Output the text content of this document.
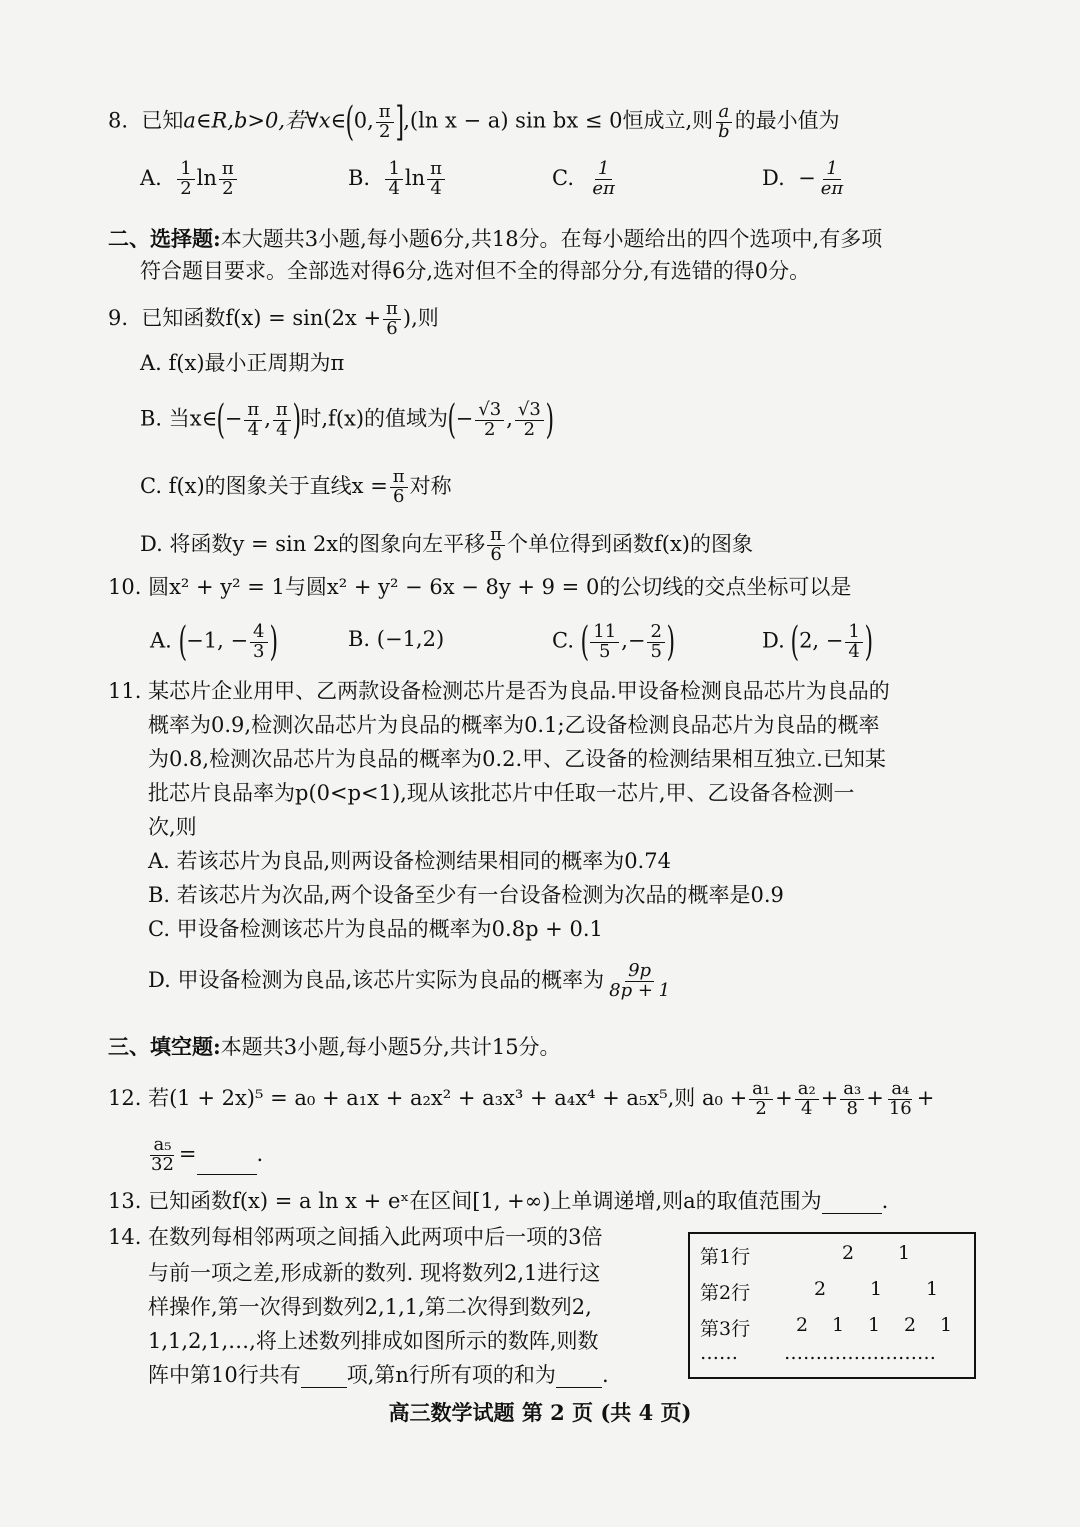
8. 已知a∈R,b>0,若∀x∈(0, $\frac{\pi}{2} ],(\ln$ x − a) sin bx ≤ 0恒成立,则 $\frac{a}{b}$ 的最小值为
A. $\frac{1}{2}$ $\ln \frac{\pi}{2}$	B. $\frac{1}{4}$ $\ln \frac{\pi}{4}$	C. $\frac{1}{e\pi}$	D. − $\frac{1}{e\pi}$
二、选择题:本大题共3小题,每小题6分,共18分。在每小题给出的四个选项中,有多项
符合题目要求。全部选对得6分,选对但不全的得部分分,有选错的得0分。
9. 已知函数$f(x) = \sin(2x + \frac{\pi}{6}$ ),则
A. f(x)最小正周期为π
B. 当x∈(− $\frac{\pi}{4}$ , $\frac{\pi}{4}$ )时,f(x)的值域为(− $\frac{√3}{2}$ , $\frac{√3}{2}$ )
C. f(x)的图象关于直线$x = \frac{\pi}{6}$ 对称
D. 将函数y = sin 2x的图象向左平移 $\frac{\pi}{6}$ 个单位得到函数f(x)的图象
10. 圆x² + y² = 1与圆x² + y² − 6x − 8y + 9 = 0的公切线的交点坐标可以是
A. (−1, − $\frac{4}{3}$ )	B. (−1,2)	C. ( $\frac{11}{5}$ ,− $\frac{2}{5}$ )	D. (2, − $\frac{1}{4}$ )
11. 某芯片企业用甲、乙两款设备检测芯片是否为良品.甲设备检测良品芯片为良品的
概率为0.9,检测次品芯片为良品的概率为0.1;乙设备检测良品芯片为良品的概率
为0.8,检测次品芯片为良品的概率为0.2.甲、乙设备的检测结果相互独立.已知某
批芯片良品率为p(0<p<1),现从该批芯片中任取一芯片,甲、乙设备各检测一
次,则
A. 若该芯片为良品,则两设备检测结果相同的概率为0.74
B. 若该芯片为次品,两个设备至少有一台设备检测为次品的概率是0.9
C. 甲设备检测该芯片为良品的概率为0.8p + 0.1
D. 甲设备检测为良品,该芯片实际为良品的概率为 $\frac{9p}{8p + 1}$
三、填空题:本题共3小题,每小题5分,共计15分。
12. 若(1 + 2x)⁵ = a₀ + a₁x + a₂x² + a₃x³ + a₄x⁴ + a₅x⁵,则 $a_0 + \frac{\text{a₁}}{2} + \frac{\text{a₂}}{4} + \frac{\text{a₃}}{8} + \frac{\text{a₄}}{16}$ +
$\frac{\text{a₅}}{32}$ =	.
13. 已知函数f(x) = a ln x + eˣ在区间[1, +∞)上单调递增,则a的取值范围为	.
14. 在数列每相邻两项之间插入此两项中后一项的3倍
与前一项之差,形成新的数列. 现将数列2,1进行这
样操作,第一次得到数列2,1,1,第二次得到数列2,
1,1,2,1,…,将上述数列排成如图所示的数阵,则数
阵中第10行共有 项,第n行所有项的和为 .
第1行	2 1
第2行	2 1 1
第3行 2 1 1 2 1
…… ……………………
高三数学试题 第 2 页 (共 4 页)
